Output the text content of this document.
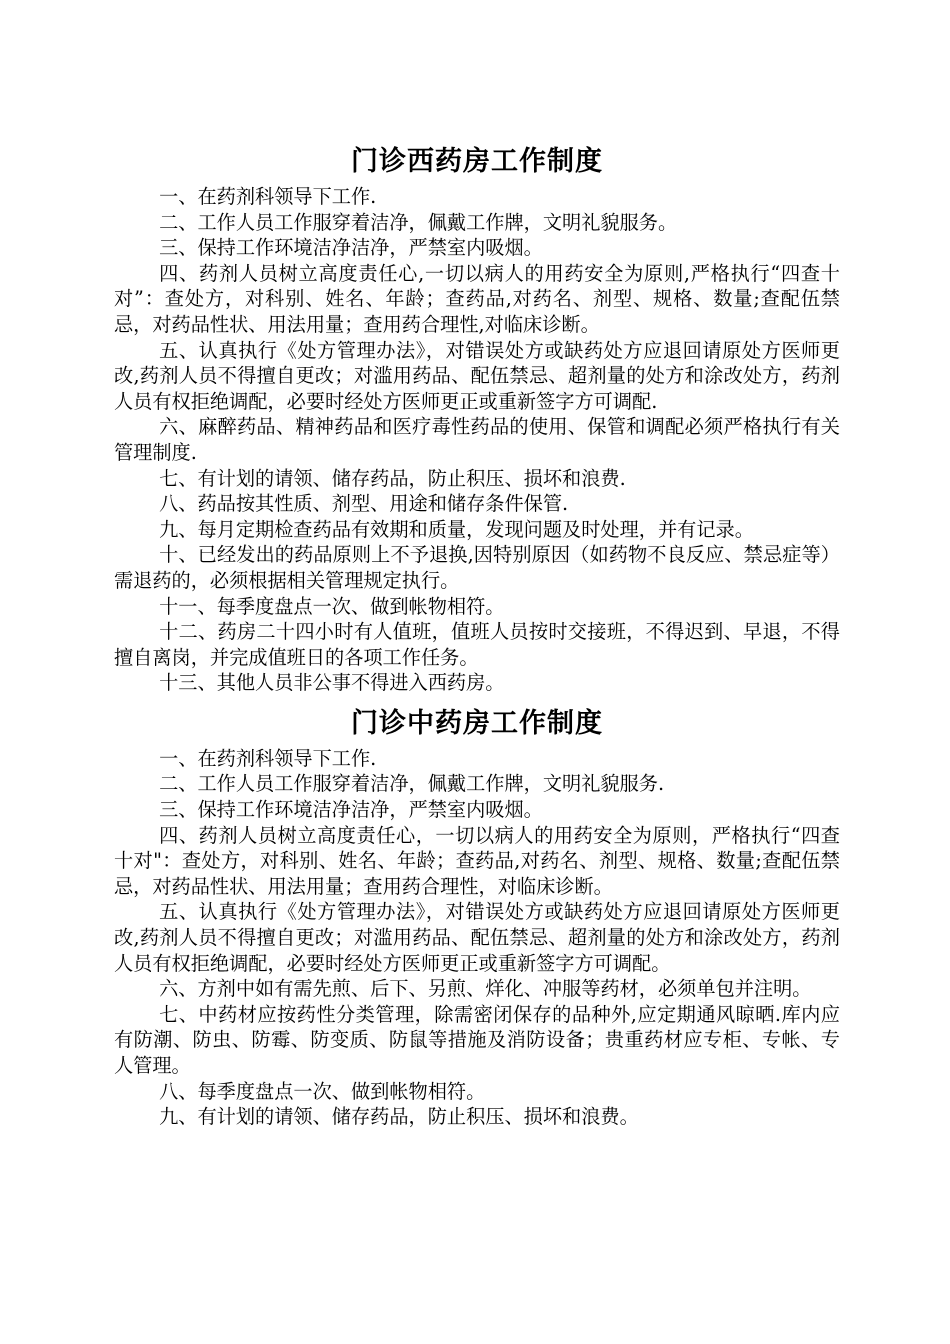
门诊西药房工作制度

一、在药剂科领导下工作.

二、工作人员工作服穿着洁净，佩戴工作牌，文明礼貌服务。

三、保持工作环境洁净洁净，严禁室内吸烟。

四、药剂人员树立高度责任心,一切以病人的用药安全为原则,严格执行“四查十对”：查处方，对科别、姓名、年龄；查药品,对药名、剂型、规格、数量;查配伍禁忌，对药品性状、用法用量；查用药合理性,对临床诊断。

五、认真执行《处方管理办法》，对错误处方或缺药处方应退回请原处方医师更改,药剂人员不得擅自更改；对滥用药品、配伍禁忌、超剂量的处方和涂改处方，药剂人员有权拒绝调配，必要时经处方医师更正或重新签字方可调配.

六、麻醉药品、精神药品和医疗毒性药品的使用、保管和调配必须严格执行有关管理制度.

七、有计划的请领、储存药品，防止积压、损坏和浪费.

八、药品按其性质、剂型、用途和储存条件保管.

九、每月定期检查药品有效期和质量，发现问题及时处理，并有记录。

十、已经发出的药品原则上不予退换,因特别原因（如药物不良反应、禁忌症等）需退药的，必须根据相关管理规定执行。

十一、每季度盘点一次、做到帐物相符。

十二、药房二十四小时有人值班，值班人员按时交接班，不得迟到、早退，不得擅自离岗，并完成值班日的各项工作任务。

十三、其他人员非公事不得进入西药房。

门诊中药房工作制度

一、在药剂科领导下工作.

二、工作人员工作服穿着洁净，佩戴工作牌，文明礼貌服务.

三、保持工作环境洁净洁净，严禁室内吸烟。

四、药剂人员树立高度责任心，一切以病人的用药安全为原则，严格执行“四查十对"：查处方，对科别、姓名、年龄；查药品,对药名、剂型、规格、数量;查配伍禁忌，对药品性状、用法用量；查用药合理性，对临床诊断。

五、认真执行《处方管理办法》，对错误处方或缺药处方应退回请原处方医师更改,药剂人员不得擅自更改；对滥用药品、配伍禁忌、超剂量的处方和涂改处方，药剂人员有权拒绝调配，必要时经处方医师更正或重新签字方可调配。

六、方剂中如有需先煎、后下、另煎、烊化、冲服等药材，必须单包并注明。

七、中药材应按药性分类管理，除需密闭保存的品种外,应定期通风晾晒.库内应有防潮、防虫、防霉、防变质、防鼠等措施及消防设备；贵重药材应专柜、专帐、专人管理。

八、每季度盘点一次、做到帐物相符。

九、有计划的请领、储存药品，防止积压、损坏和浪费。
